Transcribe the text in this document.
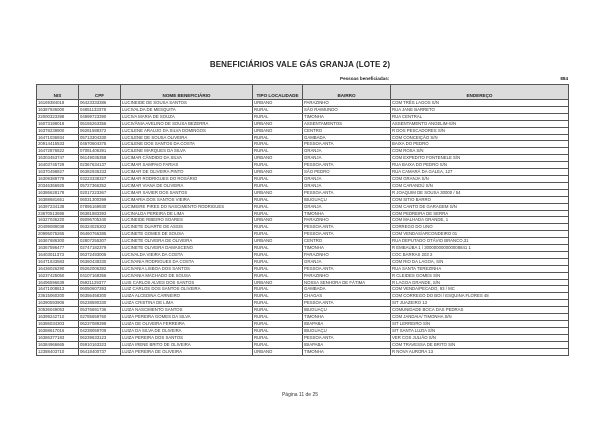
BENEFICIÁRIOS VALE GÁS GRANJA (LOTE 2)
Pessoas beneficiadas:	884
NIS	CPF	NOME BENEFICIÁRIO	TIPO LOCALIDADE	BAIRRO	ENDEREÇO
16169384018	06423333386	LUCINEIDE DE SOUSA SANTOS	URBANO	PARAZINHO	COM TRÊS LAGOS S/N
16387936000	04851133378	LUCIVALDA DE MESQUITA	RURAL	SÃO RAIMUNDO	RUA JANE BARRETO
22000323398	04999723390	LUCIVA MARIA DE SOUZA	RURAL	TIMONHA	RUA CENTRAL
16073198018	05155263356	LUCIVÂNIA AVELINO DE SOUSA BEZERRA	URBANO	ASSENTAMENTOS	ASSENTAMENTO ANGELIM-S/N
16378238900	06281588372	LUCILENE ARAUJO DA SILVA DOMINGOS	URBANO	CENTRO	R DOS PESCADORES S/N
16471036934	05713304330	LUCILENE DE SOUSA OLIVEIRA	RURAL	GAMBADA	COM CONCEIÇÃO S/N
20914415533	04670604375	LUCILENE DOS SANTOS DA COSTA	RURAL	PESSOA ANTA	BAIXA DO PEDRO
16472876822	07081406391	LUCILENE MARQUES DA SILVA	RURAL	GRANJA	COM ROSA S/N
16303453747	06149035358	LUCIMAR CÂNDIDO DA SILVA	URBANO	GRANJA	COM EXPEDITO FONTENELE S/N
16403745729	02367634137	LUCIMAR SAMPAIO FARIAS	RURAL	PESSOA ANTA	RUA BAIXA DO PEDRO S/N
16370498827	06382936333	LUCIMAR DE OLIVEIRA PINTO	URBANO	SÃO PEDRO	RUA CAMARÁ DA GALEA, 127
16309389778	03223338327	LUCIMAR RODRIGUES DO ROSÁRIO	RURAL	GRANJA	COM GRANJA S/N
20346366925	05727366352	LUCIMAR VIANA DE OLIVEIRA	RURAL	GRANJA	COM CARANDÚ S/N
16386628178	02017223367	LUCIMAR XAVIER DOS SANTOS	URBANO	PESSOA ANTA	R JOAQUIM DE SOUSA 30000 / 54
16388681651	06031300399	LUCIMARIA DOS SANTOS VIEIRA	RURAL	IBUGUAÇU	COM SITIO BARRO
16397234138	07895169930	LUCIMEIRE PIRES DO NASCIMENTO RODRIGUES	RURAL	GRANJA	COM CANTO DE GARAGEM S/N
23670513595	06381883393	LUCINALDA PEREIRA DE LIMA	RURAL	TIMONHA	COM PEDREIRA DE SERRA
16327036220	05096705340	LUCINEIDE RIBEIRO SOARES	URBANO	PARAZINHO	COM MALHADA GRANDE, 1
20499089038	06324026302	LUCINETE DUARTE DE ASSIS	RURAL	PESSOA ANTA	CORREGO DO UNO
20995075265	06460766385	LUCINETE GOMES DE SOUSA	RURAL	PESSOA ANTA	COM VENDAS/ARCONDEIRO 01
16367686300	02807255307	LUCINETE OLIVEIRA DE OLIVEIRA	URBANO	CENTRO	RUA DEPUTADO OTÁVIO BRANCO,31
16367596477	02747182379	LUCINETE OLIVEIRA DAMASCENO	RURAL	TIMONHA	R EMBAÚBA 1 / 300000000000008841 1
16403011373	06372493005	LUCIVALDA VIEIRA DA COSTA	RURAL	PARAZINHO	COC BARRAS 203 2
16471633583	06360438330	LUCIVANIA RODRIGUES DA COSTA	RURAL	GRANJA	COM RIO DA LAGOA, S/N
16436026290	05262006382	LUCIVANIA LISBOA DOS SANTOS	RURAL	PESSOA ANTA	RUA SANTA TEREZINHA
16237425050	04107168356	LUCIVANIA MACHADO DE SOUSA	RURAL	PARAZINHO	R CLEIDES GOMES S/N
16496596639	05921129377	LUIS CARLOS ALVES DOS SANTOS	URBANO	NOSSA SENHORA DE FÁTIMA	R LAGOA GRANDE, S/N
16471008813	06050607393	LUIZ CARLOS DOS SANTOS OLIVEIRA	RURAL	GAMBADA	COM VENDA/PECADO, 93 / MC
23615060200	06356458300	LUIZA ALCEDINA CARNEIRO	RURAL	CHAGAS	COM CORREGO DO BOI / ESQUINA FLORES 48
16390593906	05238590330	LUIZA CRISTINA DE LIMA	RURAL	PESSOA ANTA	SIT JUAZEIRO 13
20536049053	05376691736	LUIZA NASCIMENTO SANTOS	RURAL	IBUGUAÇU	COMUNIDADE BOCA DAS PEDRAS
16399242710	02785659760	LUIZA PEREIRA GOMES DA SILVA	RURAL	TIMONHA	COM JANDAIA/ TIMONHA S/N
16386034303	06237089399	LUIZA DE OLIVEIRA FERREIRA	RURAL	IBIAPABA	SIT LERREIRO S/N
16388617016	04238059709	LUIZA DA SILVA DE OLIVEIRA	RURAL	IBUGUAÇU	SIT SANTA LUZIA S/N
16386377183	06239633123	LUIZA PEREIRA DOS SANTOS	RURAL	PESSOA ANTA	VER COS JULIÃO S/N
16384966665	05910163323	LUIZA IRENE BRITO DE OLIVEIRA	RURAL	IBIAPABA	COM TRAVESSA DE BRITO S/N
12388403710	06418400737	LUIZA PEREIRA DE OLIVEIRA	URBANO	TIMONHA	R NOVA AURORA 13
Página 11 de 25
